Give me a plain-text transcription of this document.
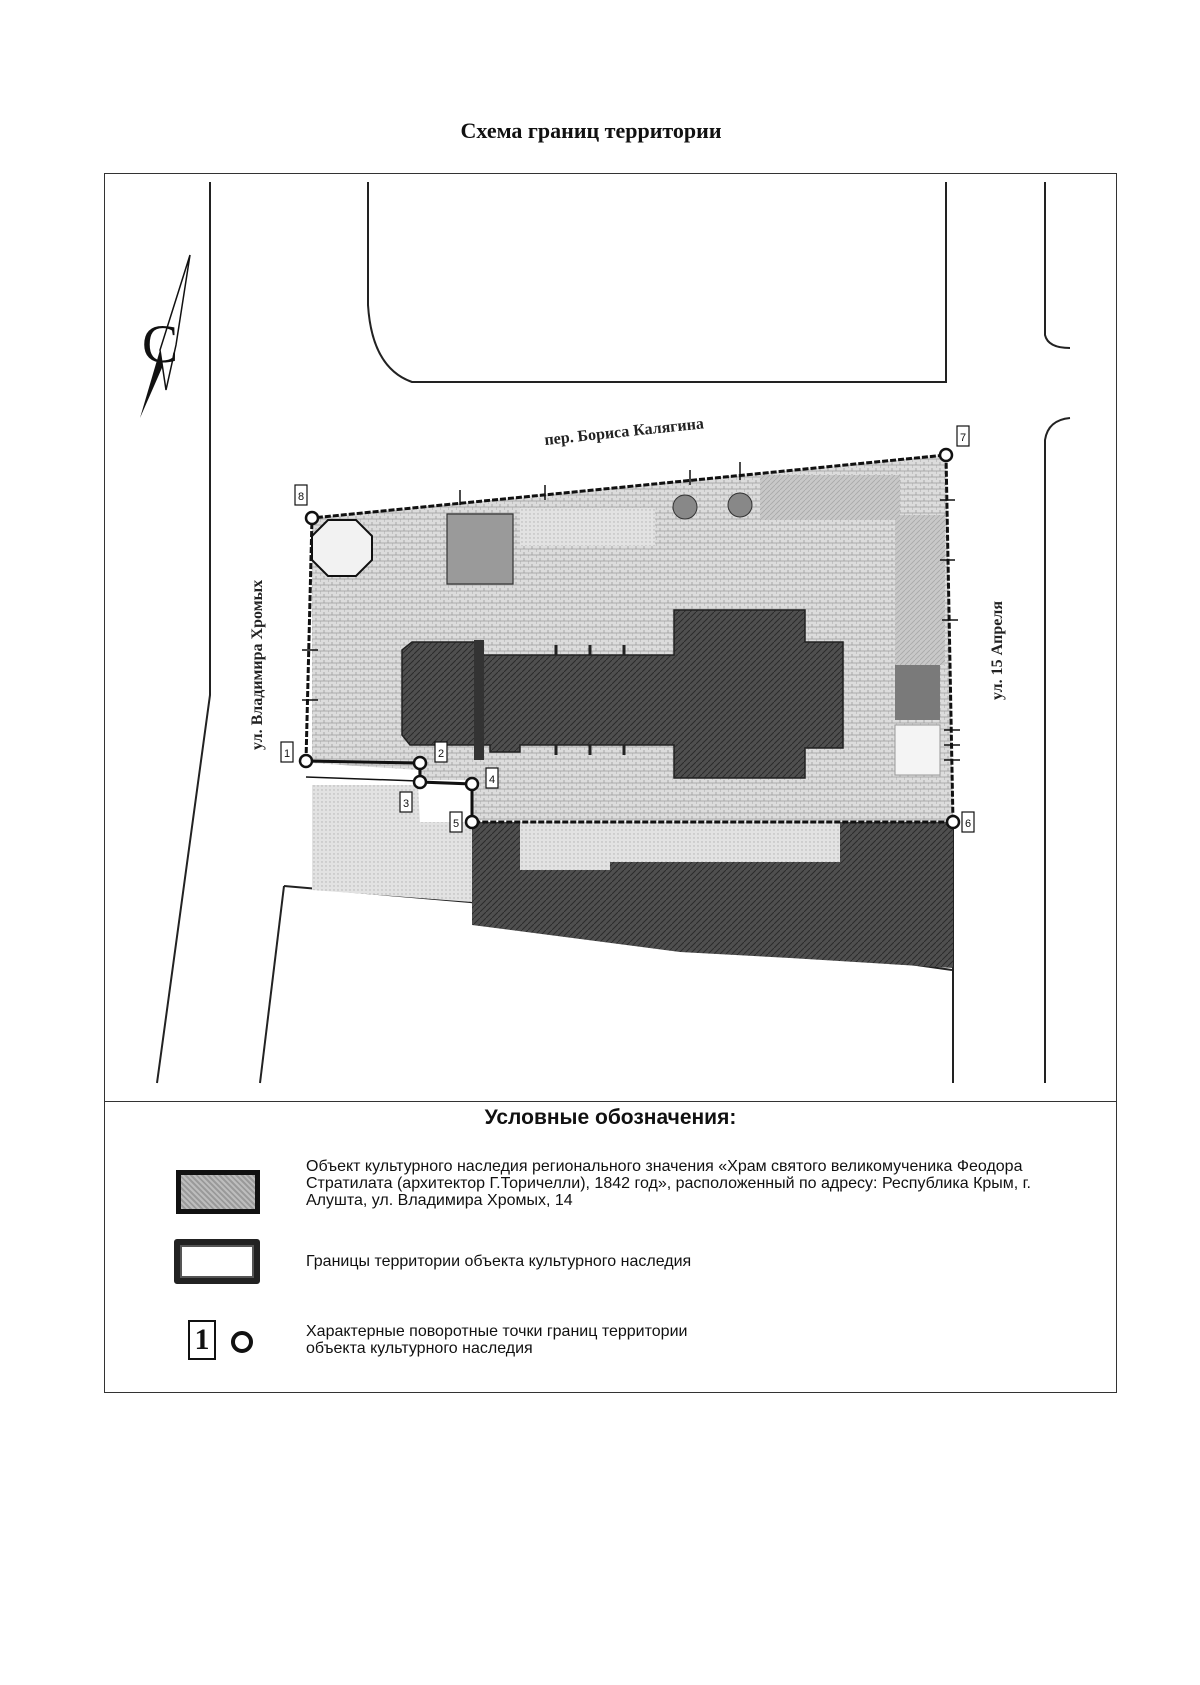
Схема границ территории
1	2
3
4
5	6
7
8
пер. Бориса Калягина
ул. Владимира Хромых	ул. 15 Апреля
С
Условные обозначения:
Объект культурного наследия регионального значения «Храм святого великомученика Феодора Стратилата (архитектор Г.Торичелли), 1842 год», расположенный по адресу: Республика Крым, г. Алушта, ул. Владимира Хромых, 14
Границы территории объекта культурного наследия
1	Характерные поворотные точки границ территории объекта культурного наследия
